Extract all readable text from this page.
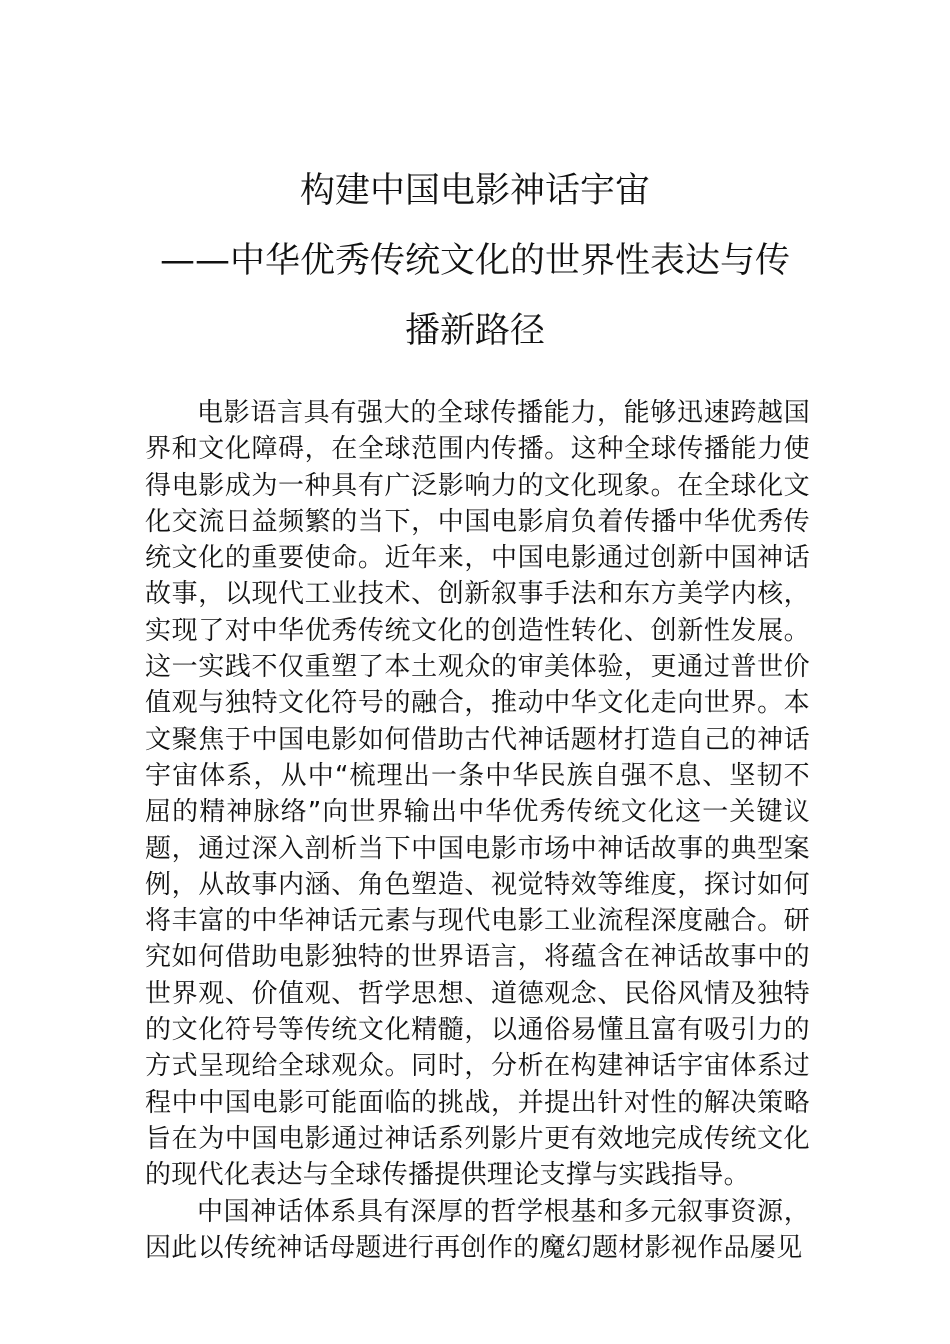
构建中国电影神话宇宙
——中华优秀传统文化的世界性表达与传
播新路径

电影语言具有强大的全球传播能力，能够迅速跨越国界和文化障碍，在全球范围内传播。这种全球传播能力使得电影成为一种具有广泛影响力的文化现象。在全球化文化交流日益频繁的当下，中国电影肩负着传播中华优秀传统文化的重要使命。近年来，中国电影通过创新中国神话故事，以现代工业技术、创新叙事手法和东方美学内核，实现了对中华优秀传统文化的创造性转化、创新性发展。这一实践不仅重塑了本土观众的审美体验，更通过普世价值观与独特文化符号的融合，推动中华文化走向世界。本文聚焦于中国电影如何借助古代神话题材打造自己的神话宇宙体系，从中“梳理出一条中华民族自强不息、坚韧不屈的精神脉络”向世界输出中华优秀传统文化这一关键议题，通过深入剖析当下中国电影市场中神话故事的典型案例，从故事内涵、角色塑造、视觉特效等维度，探讨如何将丰富的中华神话元素与现代电影工业流程深度融合。研究如何借助电影独特的世界语言，将蕴含在神话故事中的世界观、价值观、哲学思想、道德观念、民俗风情及独特的文化符号等传统文化精髓，以通俗易懂且富有吸引力的方式呈现给全球观众。同时，分析在构建神话宇宙体系过程中中国电影可能面临的挑战，并提出针对性的解决策略旨在为中国电影通过神话系列影片更有效地完成传统文化的现代化表达与全球传播提供理论支撑与实践指导。

中国神话体系具有深厚的哲学根基和多元叙事资源，因此以传统神话母题进行再创作的魔幻题材影视作品屡见
